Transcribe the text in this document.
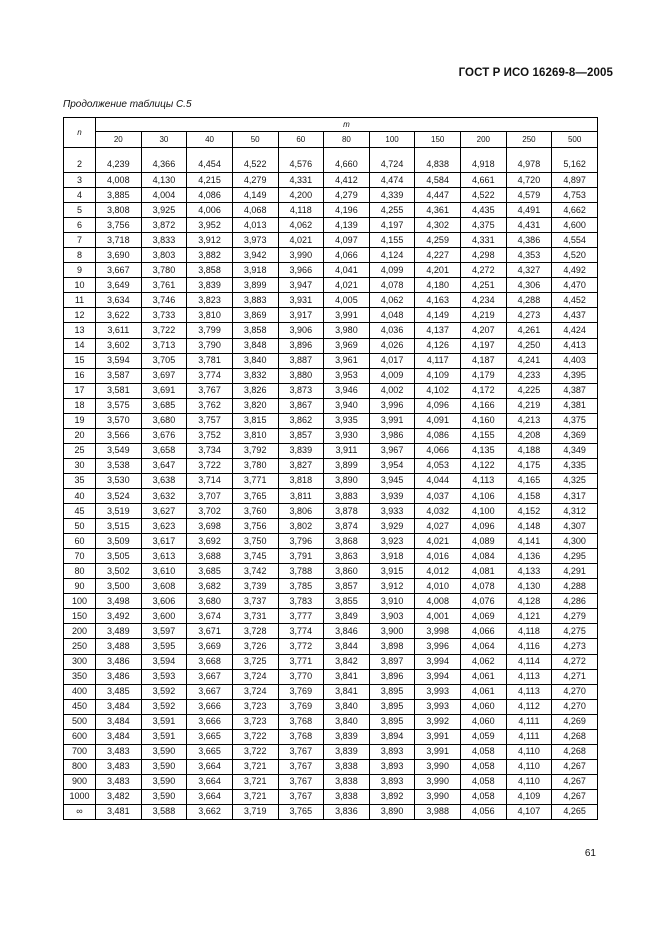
ГОСТ Р ИСО 16269-8—2005
Продолжение таблицы С.5
n	m										
	20	30	40	50	60	80	100	150	200	250	500
2	4,239	4,366	4,454	4,522	4,576	4,660	4,724	4,838	4,918	4,978	5,162
3	4,008	4,130	4,215	4,279	4,331	4,412	4,474	4,584	4,661	4,720	4,897
4	3,885	4,004	4,086	4,149	4,200	4,279	4,339	4,447	4,522	4,579	4,753
5	3,808	3,925	4,006	4,068	4,118	4,196	4,255	4,361	4,435	4,491	4,662
6	3,756	3,872	3,952	4,013	4,062	4,139	4,197	4,302	4,375	4,431	4,600
7	3,718	3,833	3,912	3,973	4,021	4,097	4,155	4,259	4,331	4,386	4,554
8	3,690	3,803	3,882	3,942	3,990	4,066	4,124	4,227	4,298	4,353	4,520
9	3,667	3,780	3,858	3,918	3,966	4,041	4,099	4,201	4,272	4,327	4,492
10	3,649	3,761	3,839	3,899	3,947	4,021	4,078	4,180	4,251	4,306	4,470
11	3,634	3,746	3,823	3,883	3,931	4,005	4,062	4,163	4,234	4,288	4,452
12	3,622	3,733	3,810	3,869	3,917	3,991	4,048	4,149	4,219	4,273	4,437
13	3,611	3,722	3,799	3,858	3,906	3,980	4,036	4,137	4,207	4,261	4,424
14	3,602	3,713	3,790	3,848	3,896	3,969	4,026	4,126	4,197	4,250	4,413
15	3,594	3,705	3,781	3,840	3,887	3,961	4,017	4,117	4,187	4,241	4,403
16	3,587	3,697	3,774	3,832	3,880	3,953	4,009	4,109	4,179	4,233	4,395
17	3,581	3,691	3,767	3,826	3,873	3,946	4,002	4,102	4,172	4,225	4,387
18	3,575	3,685	3,762	3,820	3,867	3,940	3,996	4,096	4,166	4,219	4,381
19	3,570	3,680	3,757	3,815	3,862	3,935	3,991	4,091	4,160	4,213	4,375
20	3,566	3,676	3,752	3,810	3,857	3,930	3,986	4,086	4,155	4,208	4,369
25	3,549	3,658	3,734	3,792	3,839	3,911	3,967	4,066	4,135	4,188	4,349
30	3,538	3,647	3,722	3,780	3,827	3,899	3,954	4,053	4,122	4,175	4,335
35	3,530	3,638	3,714	3,771	3,818	3,890	3,945	4,044	4,113	4,165	4,325
40	3,524	3,632	3,707	3,765	3,811	3,883	3,939	4,037	4,106	4,158	4,317
45	3,519	3,627	3,702	3,760	3,806	3,878	3,933	4,032	4,100	4,152	4,312
50	3,515	3,623	3,698	3,756	3,802	3,874	3,929	4,027	4,096	4,148	4,307
60	3,509	3,617	3,692	3,750	3,796	3,868	3,923	4,021	4,089	4,141	4,300
70	3,505	3,613	3,688	3,745	3,791	3,863	3,918	4,016	4,084	4,136	4,295
80	3,502	3,610	3,685	3,742	3,788	3,860	3,915	4,012	4,081	4,133	4,291
90	3,500	3,608	3,682	3,739	3,785	3,857	3,912	4,010	4,078	4,130	4,288
100	3,498	3,606	3,680	3,737	3,783	3,855	3,910	4,008	4,076	4,128	4,286
150	3,492	3,600	3,674	3,731	3,777	3,849	3,903	4,001	4,069	4,121	4,279
200	3,489	3,597	3,671	3,728	3,774	3,846	3,900	3,998	4,066	4,118	4,275
250	3,488	3,595	3,669	3,726	3,772	3,844	3,898	3,996	4,064	4,116	4,273
300	3,486	3,594	3,668	3,725	3,771	3,842	3,897	3,994	4,062	4,114	4,272
350	3,486	3,593	3,667	3,724	3,770	3,841	3,896	3,994	4,061	4,113	4,271
400	3,485	3,592	3,667	3,724	3,769	3,841	3,895	3,993	4,061	4,113	4,270
450	3,484	3,592	3,666	3,723	3,769	3,840	3,895	3,993	4,060	4,112	4,270
500	3,484	3,591	3,666	3,723	3,768	3,840	3,895	3,992	4,060	4,111	4,269
600	3,484	3,591	3,665	3,722	3,768	3,839	3,894	3,991	4,059	4,111	4,268
700	3,483	3,590	3,665	3,722	3,767	3,839	3,893	3,991	4,058	4,110	4,268
800	3,483	3,590	3,664	3,721	3,767	3,838	3,893	3,990	4,058	4,110	4,267
900	3,483	3,590	3,664	3,721	3,767	3,838	3,893	3,990	4,058	4,110	4,267
1000	3,482	3,590	3,664	3,721	3,767	3,838	3,892	3,990	4,058	4,109	4,267
∞	3,481	3,588	3,662	3,719	3,765	3,836	3,890	3,988	4,056	4,107	4,265
61
